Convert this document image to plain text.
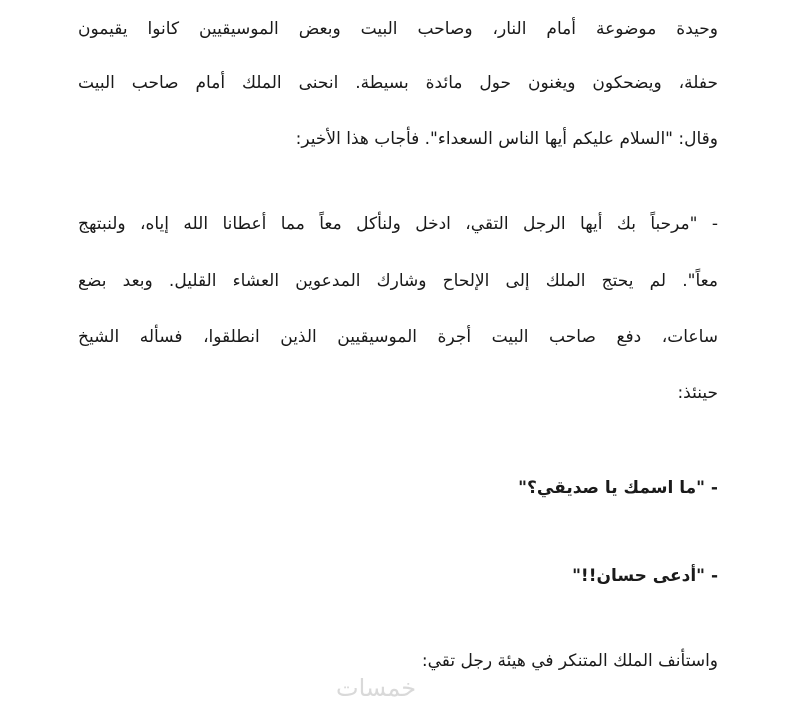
وحيدة موضوعة أمام النار، وصاحب البيت وبعض الموسيقيين كانوا يقيمون
حفلة، ويضحكون ويغنون حول مائدة بسيطة. انحنى الملك أمام صاحب البيت
وقال: "السلام عليكم أيها الناس السعداء". فأجاب هذا الأخير:
- "مرحباً بك أيها الرجل التقي، ادخل ولنأكل معاً مما أعطانا الله إياه، ولنبتهج
معاً". لم يحتج الملك إلى الإلحاح وشارك المدعوين العشاء القليل. وبعد بضع
ساعات، دفع صاحب البيت أجرة الموسيقيين الذين انطلقوا، فسأله الشيخ
حينئذ:
- "ما اسمك يا صديقي؟"
- "أدعى حسان!!"
واستأنف الملك المتنكر في هيئة رجل تقي:
خمسات
